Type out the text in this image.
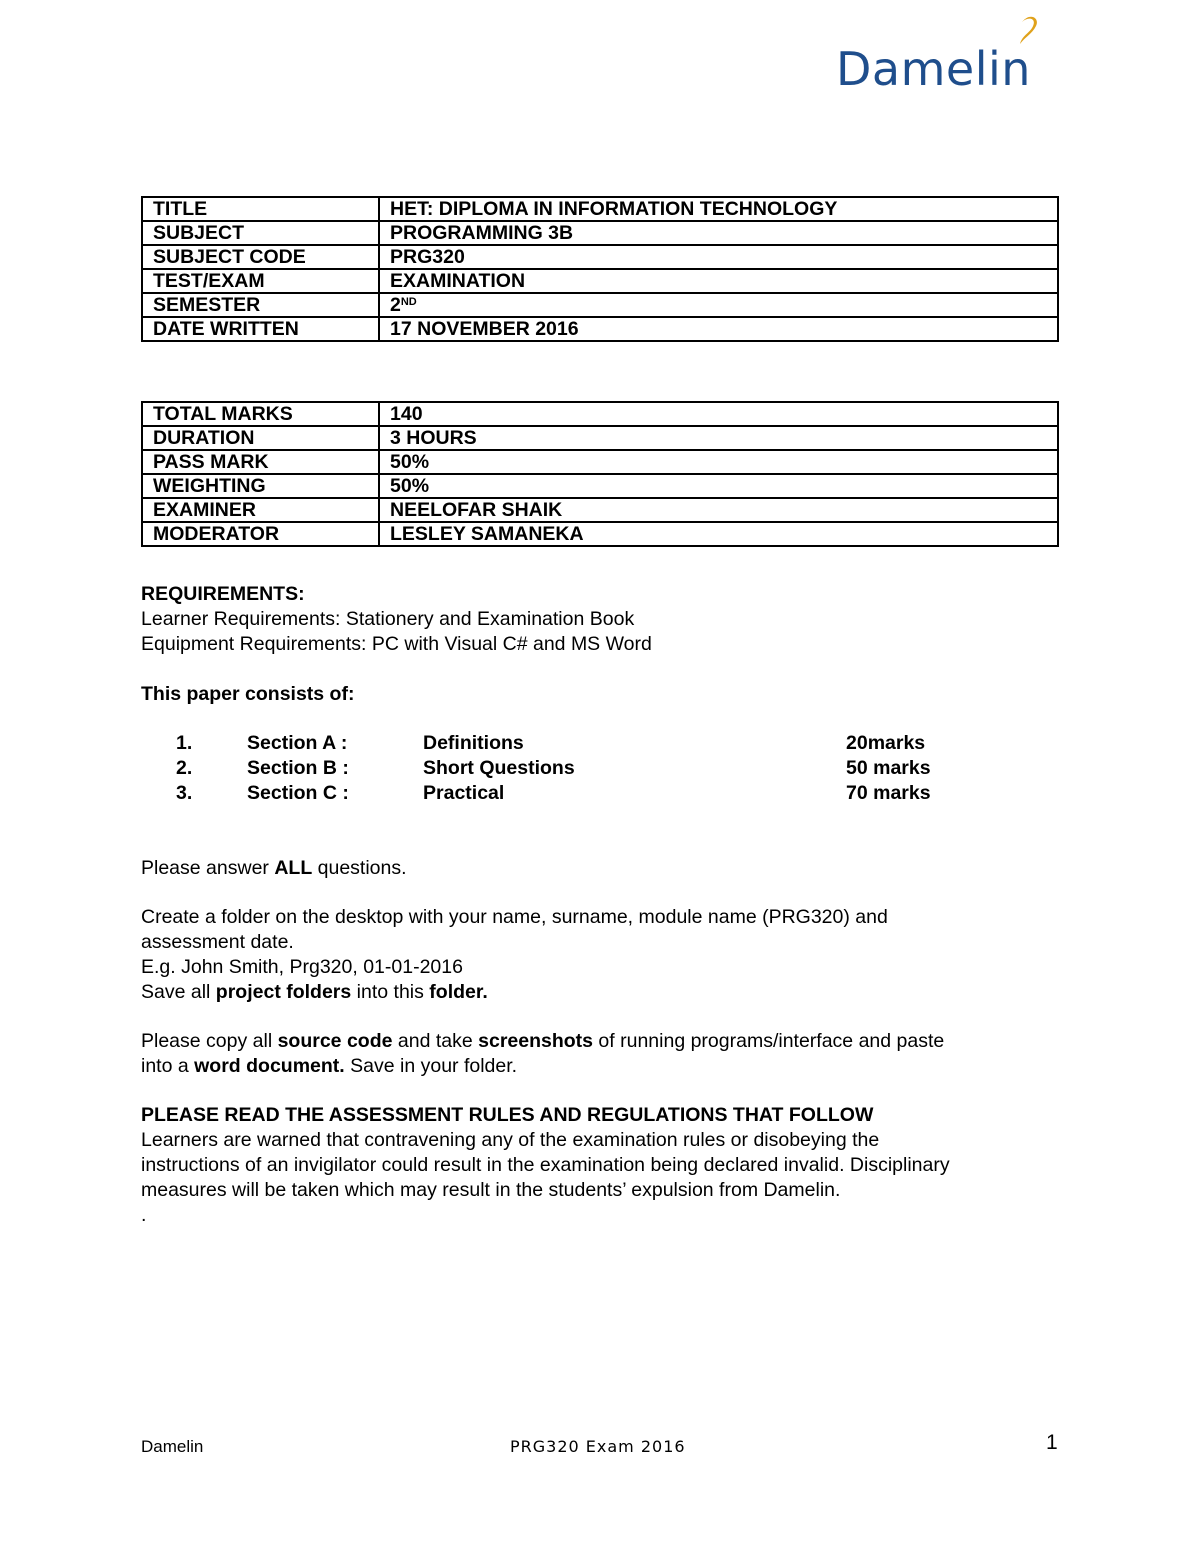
Damelin
TITLE	HET: DIPLOMA IN INFORMATION TECHNOLOGY
SUBJECT	PROGRAMMING 3B
SUBJECT CODE	PRG320
TEST/EXAM	EXAMINATION
SEMESTER	2ND
DATE WRITTEN	17 NOVEMBER 2016
TOTAL MARKS	140
DURATION	3 HOURS
PASS MARK	50%
WEIGHTING	50%
EXAMINER	NEELOFAR SHAIK
MODERATOR	LESLEY SAMANEKA
REQUIREMENTS:
Learner Requirements: Stationery and Examination Book
Equipment Requirements: PC with Visual C# and MS Word
This paper consists of:
1.	Section A :	Definitions	20marks
2.	Section B :	Short Questions	50 marks
3.	Section C :	Practical	70 marks
Please answer ALL questions.
Create a folder on the desktop with your name, surname, module name (PRG320) and
assessment date.
E.g. John Smith, Prg320, 01-01-2016
Save all project folders into this folder.
Please copy all source code and take screenshots of running programs/interface and paste
into a word document. Save in your folder.
PLEASE READ THE ASSESSMENT RULES AND REGULATIONS THAT FOLLOW
Learners are warned that contravening any of the examination rules or disobeying the
instructions of an invigilator could result in the examination being declared invalid. Disciplinary
measures will be taken which may result in the students’ expulsion from Damelin.
.
Damelin	PRG320 Exam 2016	1
